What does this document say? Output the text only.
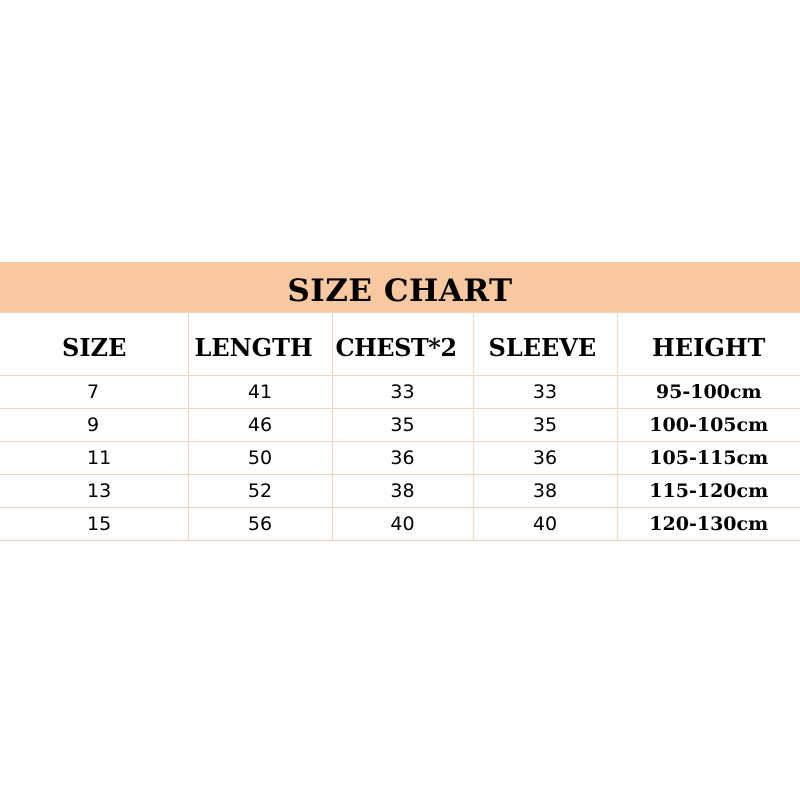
SIZE CHART
SIZE	LENGTH	CHEST*2	SLEEVE	HEIGHT
7	41	33	33	95-100cm
9	46	35	35	100-105cm
11	50	36	36	105-115cm
13	52	38	38	115-120cm
15	56	40	40	120-130cm
